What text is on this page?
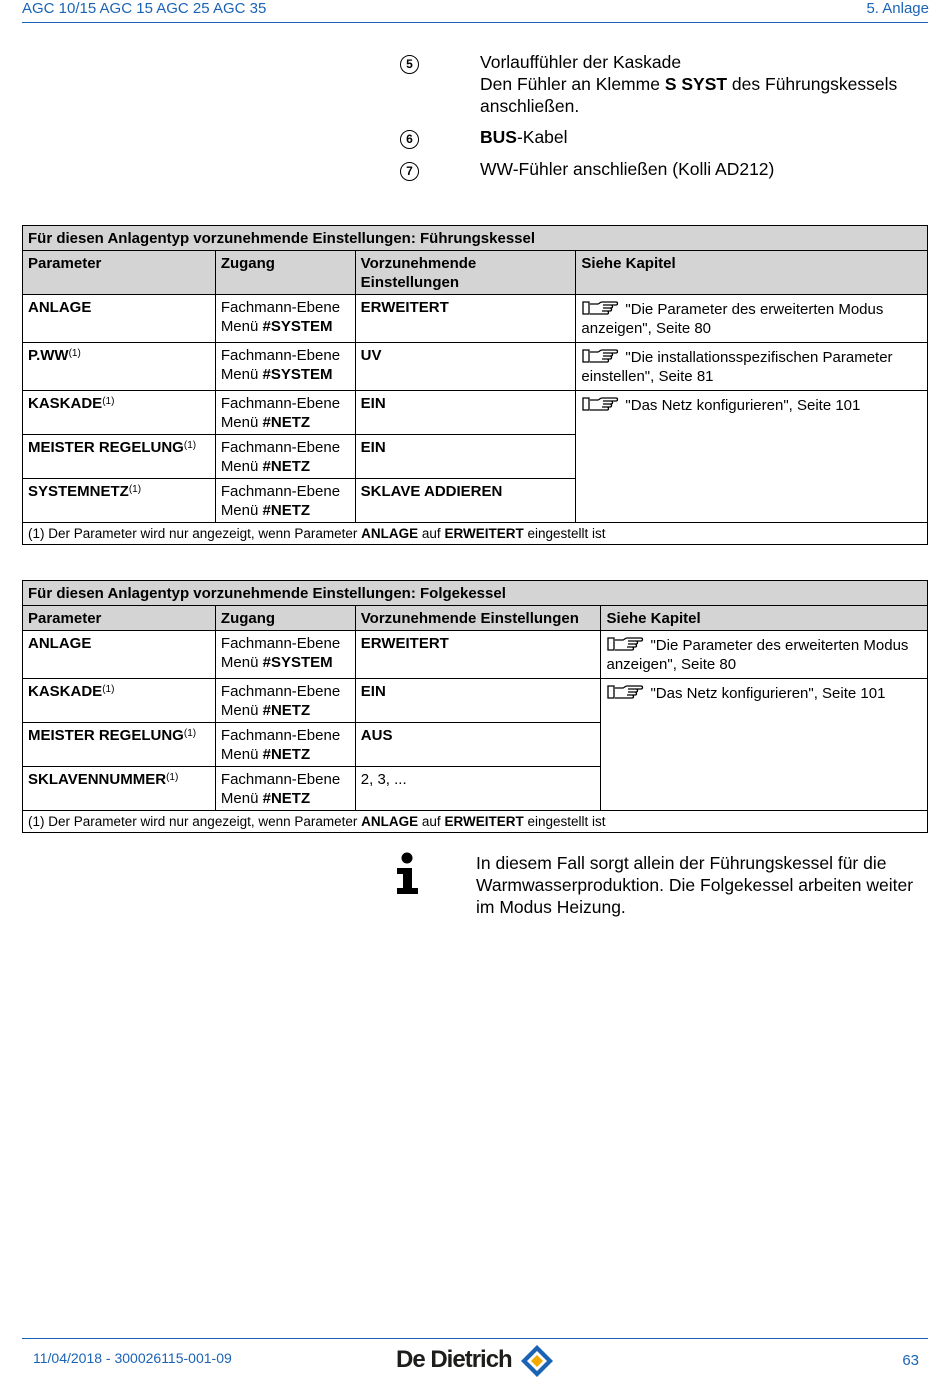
AGC 10/15 AGC 15 AGC 25 AGC 35	5. Anlage
5	Vorlauffühler der Kaskade
Den Fühler an Klemme S SYST des Führungskessels
anschließen.
6	BUS-Kabel
7	WW-Fühler anschließen (Kolli AD212)
Für diesen Anlagentyp vorzunehmende Einstellungen: Führungskessel			
Parameter	Zugang	Vorzunehmende Einstellungen	Siehe Kapitel
ANLAGE	Fachmann-Ebene
Menü #SYSTEM	ERWEITERT	"Die Parameter des erweiterten Modus anzeigen", Seite 80
P.WW$^{(1)}$	Fachmann-Ebene
Menü #SYSTEM	UV	"Die installationsspezifischen Parameter einstellen", Seite 81
KASKADE$^{(1)}$	Fachmann-Ebene
Menü #NETZ	EIN	"Das Netz konfigurieren", Seite 101
MEISTER REGELUNG$^{(1)}$	Fachmann-Ebene
Menü #NETZ	EIN	
SYSTEMNETZ$^{(1)}$	Fachmann-Ebene
Menü #NETZ	SKLAVE ADDIEREN	
(1) Der Parameter wird nur angezeigt, wenn Parameter ANLAGE auf ERWEITERT eingestellt ist			
Für diesen Anlagentyp vorzunehmende Einstellungen: Folgekessel			
Parameter	Zugang	Vorzunehmende Einstellungen	Siehe Kapitel
ANLAGE	Fachmann-Ebene
Menü #SYSTEM	ERWEITERT	"Die Parameter des erweiterten Modus anzeigen", Seite 80
KASKADE$^{(1)}$	Fachmann-Ebene
Menü #NETZ	EIN	"Das Netz konfigurieren", Seite 101
MEISTER REGELUNG$^{(1)}$	Fachmann-Ebene
Menü #NETZ	AUS	
SKLAVENNUMMER$^{(1)}$	Fachmann-Ebene
Menü #NETZ	2, 3, ...	
(1) Der Parameter wird nur angezeigt, wenn Parameter ANLAGE auf ERWEITERT eingestellt ist			
In diesem Fall sorgt allein der Führungskessel für die Warmwasserproduktion. Die Folgekessel arbeiten weiter im Modus Heizung.
11/04/2018 - 300026115-001-09	De Dietrich	63
